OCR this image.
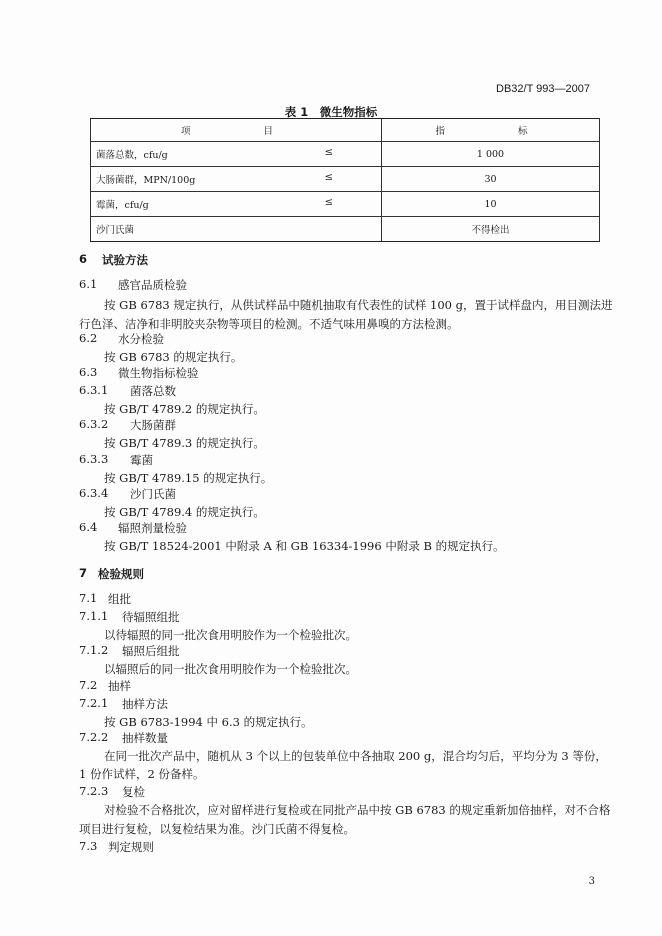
DB32/T 993—2007
表 1　微生物指标
项　　目	指　　标
菌落总数，cfu/g ≤	1 000
大肠菌群，MPN/100g ≤	30
霉菌，cfu/g ≤	10
沙门氏菌	不得检出
6 试验方法
6.1 感官品质检验
按 GB 6783 规定执行，从供试样品中随机抽取有代表性的试样 100 g，置于试样盘内，用目测法进
行色泽、洁净和非明胶夹杂物等项目的检测。不适气味用鼻嗅的方法检测。
6.2 水分检验
按 GB 6783 的规定执行。
6.3 微生物指标检验
6.3.1 菌落总数
按 GB/T 4789.2 的规定执行。
6.3.2 大肠菌群
按 GB/T 4789.3 的规定执行。
6.3.3 霉菌
按 GB/T 4789.15 的规定执行。
6.3.4 沙门氏菌
按 GB/T 4789.4 的规定执行。
6.4 辐照剂量检验
按 GB/T 18524-2001 中附录 A 和 GB 16334-1996 中附录 B 的规定执行。
7 检验规则
7.1 组批
7.1.1 待辐照组批
以待辐照的同一批次食用明胶作为一个检验批次。
7.1.2 辐照后组批
以辐照后的同一批次食用明胶作为一个检验批次。
7.2 抽样
7.2.1 抽样方法
按 GB 6783-1994 中 6.3 的规定执行。
7.2.2 抽样数量
在同一批次产品中，随机从 3 个以上的包装单位中各抽取 200 g，混合均匀后，平均分为 3 等份，
1 份作试样，2 份备样。
7.2.3 复检
对检验不合格批次，应对留样进行复检或在同批产品中按 GB 6783 的规定重新加倍抽样，对不合格
项目进行复检，以复检结果为准。沙门氏菌不得复检。
7.3 判定规则
3
